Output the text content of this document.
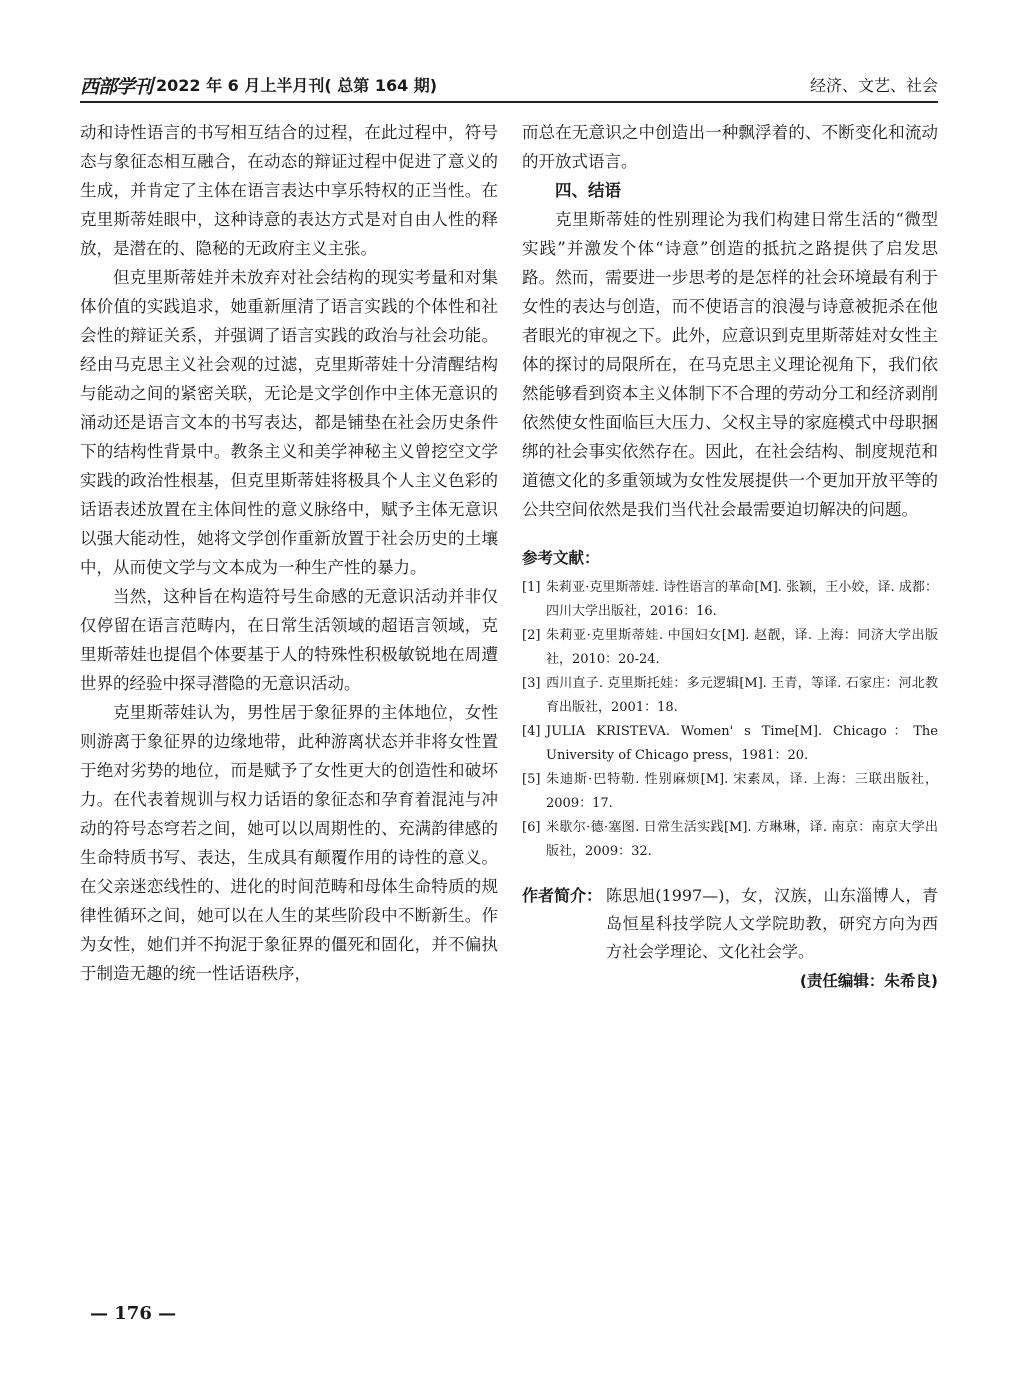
西部学刊 2022 年 6 月上半月刊( 总第 164 期)	经济、文艺、社会

动和诗性语言的书写相互结合的过程，在此过程中，符号态与象征态相互融合，在动态的辩证过程中促进了意义的生成，并肯定了主体在语言表达中享乐特权的正当性。在克里斯蒂娃眼中，这种诗意的表达方式是对自由人性的释放，是潜在的、隐秘的无政府主义主张。

但克里斯蒂娃并未放弃对社会结构的现实考量和对集体价值的实践追求，她重新厘清了语言实践的个体性和社会性的辩证关系，并强调了语言实践的政治与社会功能。经由马克思主义社会观的过滤，克里斯蒂娃十分清醒结构与能动之间的紧密关联，无论是文学创作中主体无意识的涌动还是语言文本的书写表达，都是铺垫在社会历史条件下的结构性背景中。教条主义和美学神秘主义曾挖空文学实践的政治性根基，但克里斯蒂娃将极具个人主义色彩的话语表述放置在主体间性的意义脉络中，赋予主体无意识以强大能动性，她将文学创作重新放置于社会历史的土壤中，从而使文学与文本成为一种生产性的暴力。

当然，这种旨在构造符号生命感的无意识活动并非仅仅停留在语言范畴内，在日常生活领域的超语言领域，克里斯蒂娃也提倡个体要基于人的特殊性积极敏锐地在周遭世界的经验中探寻潜隐的无意识活动。

克里斯蒂娃认为，男性居于象征界的主体地位，女性则游离于象征界的边缘地带，此种游离状态并非将女性置于绝对劣势的地位，而是赋予了女性更大的创造性和破坏力。在代表着规训与权力话语的象征态和孕育着混沌与冲动的符号态穹若之间，她可以以周期性的、充满韵律感的生命特质书写、表达，生成具有颠覆作用的诗性的意义。在父亲迷恋线性的、进化的时间范畴和母体生命特质的规律性循环之间，她可以在人生的某些阶段中不断新生。作为女性，她们并不拘泥于象征界的僵死和固化，并不偏执于制造无趣的统一性话语秩序，

而总在无意识之中创造出一种飘浮着的、不断变化和流动的开放式语言。

四、结语

克里斯蒂娃的性别理论为我们构建日常生活的“微型实践”并激发个体“诗意”创造的抵抗之路提供了启发思路。然而，需要进一步思考的是怎样的社会环境最有利于女性的表达与创造，而不使语言的浪漫与诗意被扼杀在他者眼光的审视之下。此外，应意识到克里斯蒂娃对女性主体的探讨的局限所在，在马克思主义理论视角下，我们依然能够看到资本主义体制下不合理的劳动分工和经济剥削依然使女性面临巨大压力、父权主导的家庭模式中母职捆绑的社会事实依然存在。因此，在社会结构、制度规范和道德文化的多重领域为女性发展提供一个更加开放平等的公共空间依然是我们当代社会最需要迫切解决的问题。

参考文献：
[1] 朱莉亚·克里斯蒂娃. 诗性语言的革命[M]. 张颖，王小姣，译. 成都：四川大学出版社，2016：16.
[2] 朱莉亚·克里斯蒂娃. 中国妇女[M]. 赵靓，译. 上海：同济大学出版社，2010：20-24.
[3] 西川直子. 克里斯托娃：多元逻辑[M]. 王青，等译. 石家庄：河北教育出版社，2001：18.
[4] JULIA KRISTEVA. Women' s Time[M]. Chicago：The University of Chicago press，1981：20.
[5] 朱迪斯·巴特勒. 性别麻烦[M]. 宋素凤，译. 上海：三联出版社，2009：17.
[6] 米歇尔·德·塞图. 日常生活实践[M]. 方琳琳，译. 南京：南京大学出版社，2009：32.
作者简介： 陈思旭(1997—)，女，汉族，山东淄博人，青岛恒星科技学院人文学院助教，研究方向为西方社会学理论、文化社会学。
(责任编辑：朱希良)
— 176 —
